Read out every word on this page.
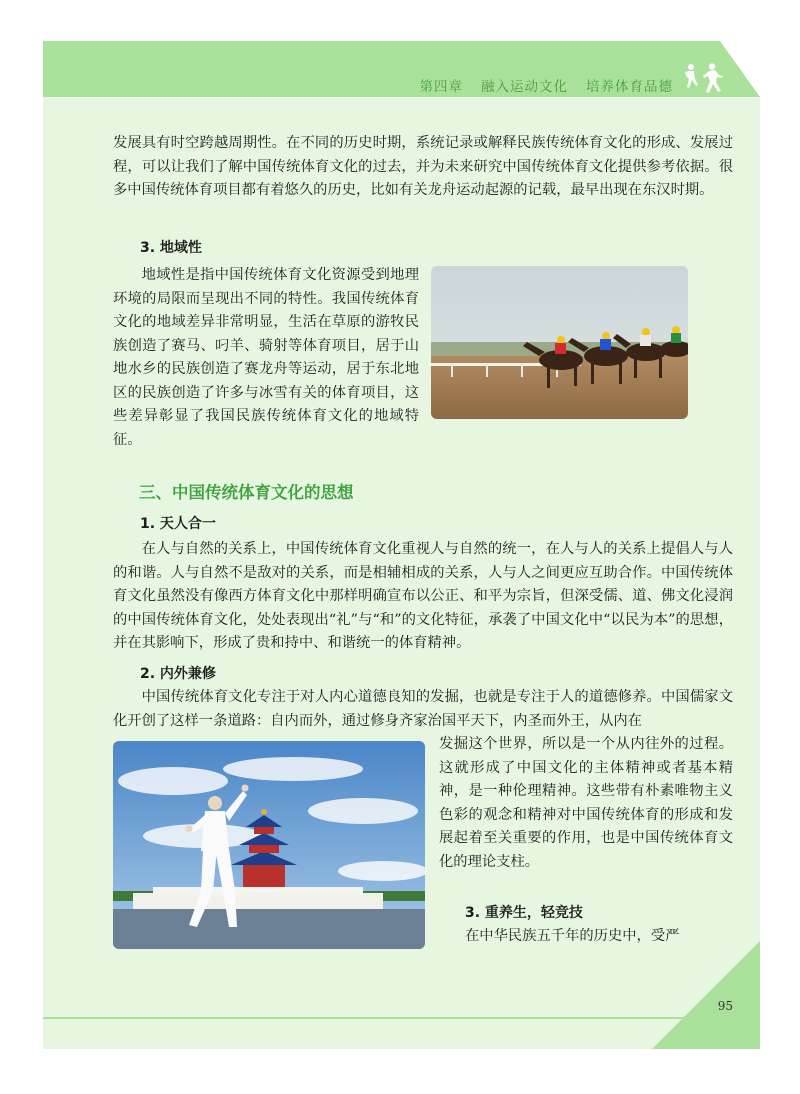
第四章 融入运动文化 培养体育品德

发展具有时空跨越周期性。在不同的历史时期，系统记录或解释民族传统体育文化的形成、发展过程，可以让我们了解中国传统体育文化的过去，并为未来研究中国传统体育文化提供参考依据。很多中国传统体育项目都有着悠久的历史，比如有关龙舟运动起源的记载，最早出现在东汉时期。

3. 地域性

地域性是指中国传统体育文化资源受到地理环境的局限而呈现出不同的特性。我国传统体育文化的地域差异非常明显，生活在草原的游牧民族创造了赛马、叼羊、骑射等体育项目，居于山地水乡的民族创造了赛龙舟等运动，居于东北地区的民族创造了许多与冰雪有关的体育项目，这些差异彰显了我国民族传统体育文化的地域特征。

三、中国传统体育文化的思想

1. 天人合一

在人与自然的关系上，中国传统体育文化重视人与自然的统一，在人与人的关系上提倡人与人的和谐。人与自然不是敌对的关系，而是相辅相成的关系，人与人之间更应互助合作。中国传统体育文化虽然没有像西方体育文化中那样明确宣布以公正、和平为宗旨，但深受儒、道、佛文化浸润的中国传统体育文化，处处表现出“礼”与“和”的文化特征，承袭了中国文化中“以民为本”的思想，并在其影响下，形成了贵和持中、和谐统一的体育精神。

2. 内外兼修

中国传统体育文化专注于对人内心道德良知的发掘，也就是专注于人的道德修养。中国儒家文化开创了这样一条道路：自内而外，通过修身齐家治国平天下，内圣而外王，从内在

发掘这个世界，所以是一个从内往外的过程。这就形成了中国文化的主体精神或者基本精神，是一种伦理精神。这些带有朴素唯物主义色彩的观念和精神对中国传统体育的形成和发展起着至关重要的作用，也是中国传统体育文化的理论支柱。

3. 重养生，轻竞技

在中华民族五千年的历史中，受严

95
